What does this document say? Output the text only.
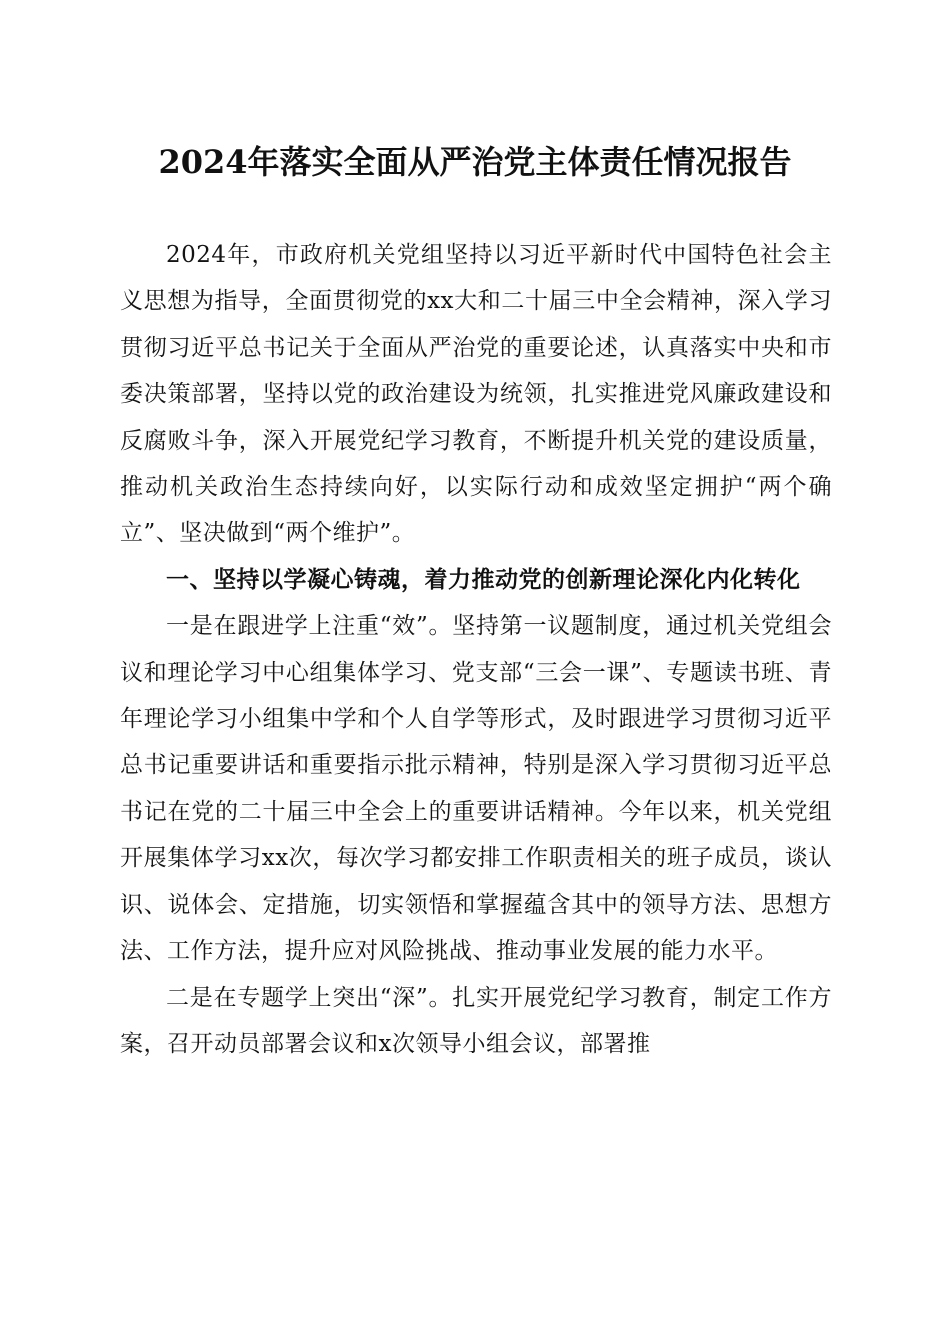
2024年落实全面从严治党主体责任情况报告

2024年，市政府机关党组坚持以习近平新时代中国特色社会主义思想为指导，全面贯彻党的xx大和二十届三中全会精神，深入学习贯彻习近平总书记关于全面从严治党的重要论述，认真落实中央和市委决策部署，坚持以党的政治建设为统领，扎实推进党风廉政建设和反腐败斗争，深入开展党纪学习教育，不断提升机关党的建设质量，推动机关政治生态持续向好，以实际行动和成效坚定拥护“两个确立”、坚决做到“两个维护”。

一、坚持以学凝心铸魂，着力推动党的创新理论深化内化转化

一是在跟进学上注重“效”。坚持第一议题制度，通过机关党组会议和理论学习中心组集体学习、党支部“三会一课”、专题读书班、青年理论学习小组集中学和个人自学等形式，及时跟进学习贯彻习近平总书记重要讲话和重要指示批示精神，特别是深入学习贯彻习近平总书记在党的二十届三中全会上的重要讲话精神。今年以来，机关党组开展集体学习xx次，每次学习都安排工作职责相关的班子成员，谈认识、说体会、定措施，切实领悟和掌握蕴含其中的领导方法、思想方法、工作方法，提升应对风险挑战、推动事业发展的能力水平。

二是在专题学上突出“深”。扎实开展党纪学习教育，制定工作方案，召开动员部署会议和x次领导小组会议，部署推
